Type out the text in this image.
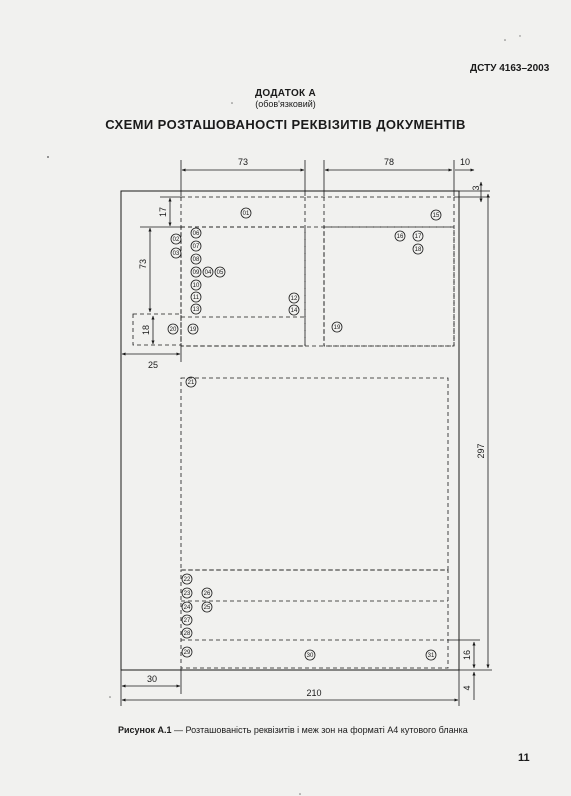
ДСТУ 4163–2003
ДОДАТОК А
(обов'язковий)
СХЕМИ РОЗТАШОВАНОСТІ РЕКВІЗИТІВ ДОКУМЕНТІВ
73	78	10
3
17
73
18
25
297
16
4
30
210
01
02
03
06
07
08
09 04 05
10
11
13
12
14
15
16 17
18
19	19
20
21
22
23 26
24 25
27
28
29	30	31
Рисунок А.1 — Розташованість реквізитів і меж зон на форматі А4 кутового бланка
11
